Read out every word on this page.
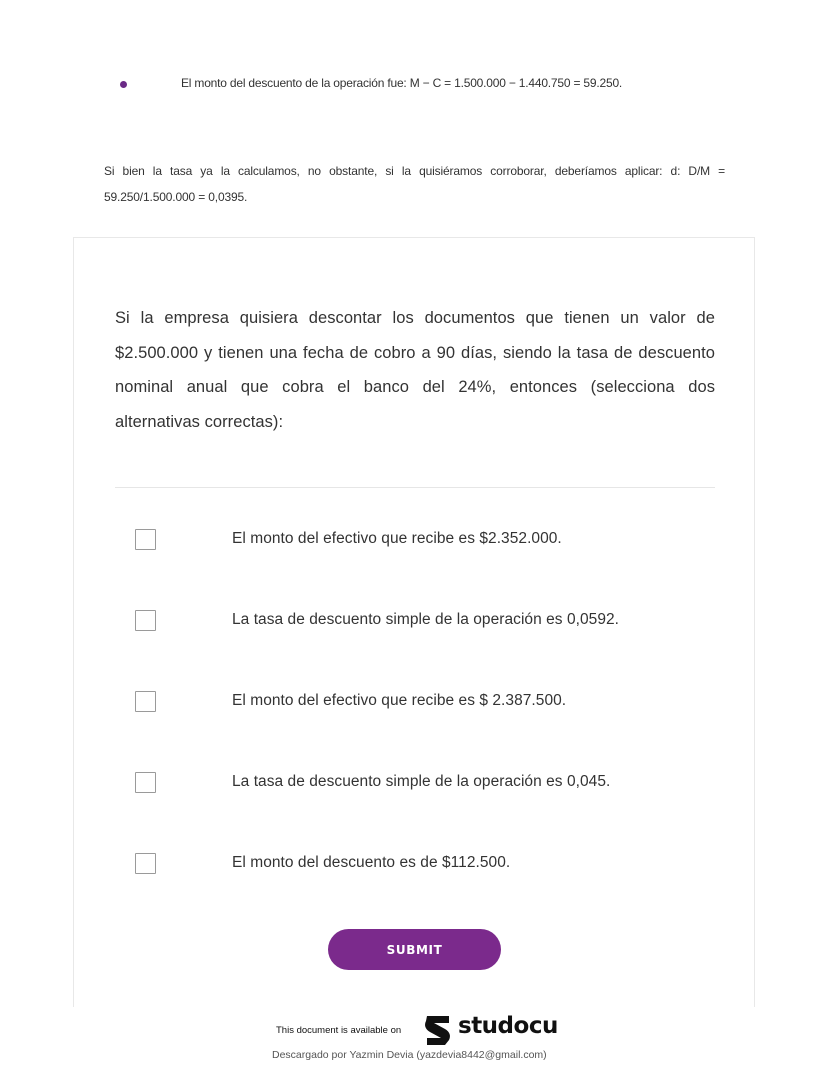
El monto del descuento de la operación fue: M − C = 1.500.000 − 1.440.750 = 59.250.

Si bien la tasa ya la calculamos, no obstante, si la quisiéramos corroborar, deberíamos aplicar: d: D/M = 59.250/1.500.000 = 0,0395.

Si la empresa quisiera descontar los documentos que tienen un valor de $2.500.000 y tienen una fecha de cobro a 90 días, siendo la tasa de descuento nominal anual que cobra el banco del 24%, entonces (selecciona dos alternativas correctas):

El monto del efectivo que recibe es $2.352.000.
La tasa de descuento simple de la operación es 0,0592.
El monto del efectivo que recibe es $ 2.387.500.
La tasa de descuento simple de la operación es 0,045.
El monto del descuento es de $112.500.
SUBMIT
This document is available on studocu
Descargado por Yazmin Devia (yazdevia8442@gmail.com)
